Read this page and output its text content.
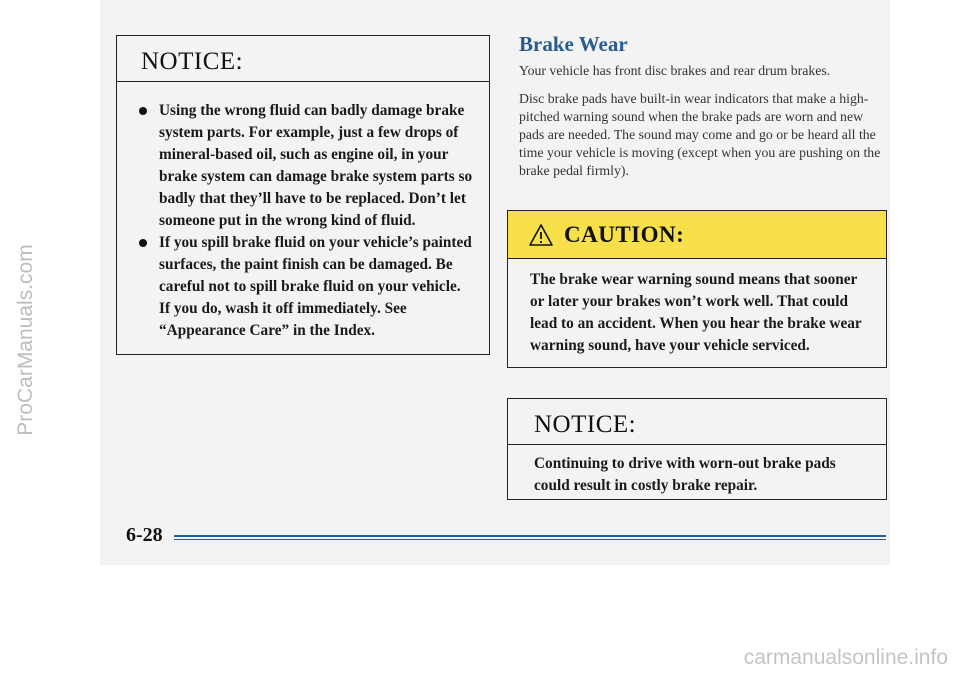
ProCarManuals.com
NOTICE:
Using the wrong fluid can badly damage brake system parts. For example, just a few drops of mineral-based oil, such as engine oil, in your brake system can damage brake system parts so badly that they’ll have to be replaced. Don’t let someone put in the wrong kind of fluid.
If you spill brake fluid on your vehicle’s painted surfaces, the paint finish can be damaged. Be careful not to spill brake fluid on your vehicle. If you do, wash it off immediately. See “Appearance Care” in the Index.
Brake Wear
Your vehicle has front disc brakes and rear drum brakes.
Disc brake pads have built-in wear indicators that make a high-pitched warning sound when the brake pads are worn and new pads are needed. The sound may come and go or be heard all the time your vehicle is moving (except when you are pushing on the brake pedal firmly).
CAUTION:
The brake wear warning sound means that sooner or later your brakes won’t work well. That could lead to an accident. When you hear the brake wear warning sound, have your vehicle serviced.
NOTICE:
Continuing to drive with worn-out brake pads could result in costly brake repair.
6-28
carmanualsonline.info
